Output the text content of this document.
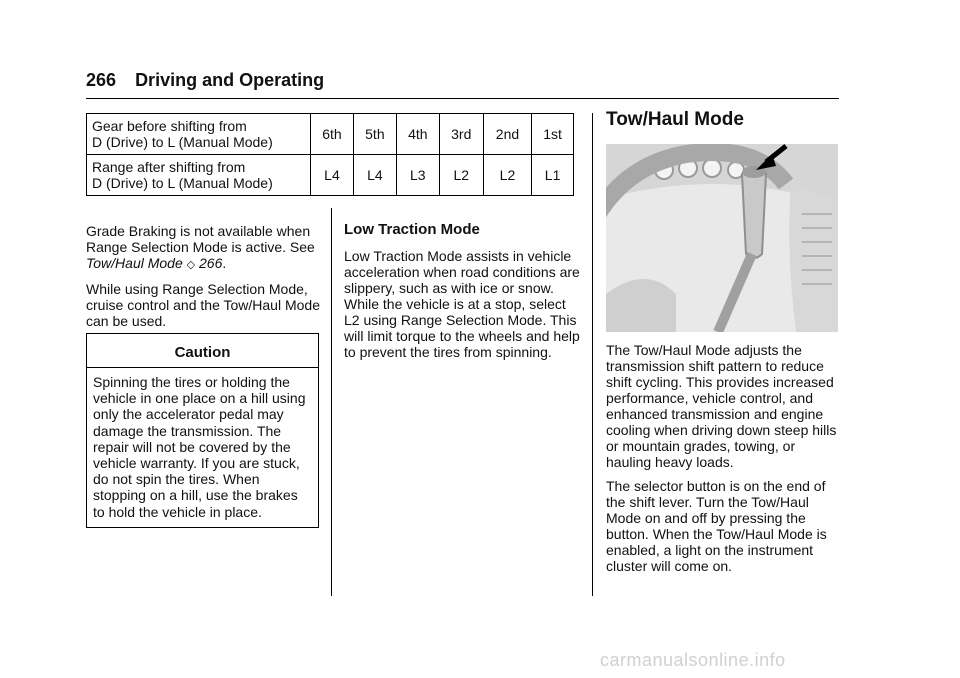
266 Driving and Operating
Gear before shifting from
D (Drive) to L (Manual Mode)	6th	5th	4th	3rd	2nd	1st

Range after shifting from
D (Drive) to L (Manual Mode)	L4	L4	L3	L2	L2	L1

Grade Braking is not available when Range Selection Mode is active. See Tow/Haul Mode ◇ 266.

While using Range Selection Mode, cruise control and the Tow/Haul Mode can be used.

Caution
Spinning the tires or holding the vehicle in one place on a hill using only the accelerator pedal may damage the transmission. The repair will not be covered by the vehicle warranty. If you are stuck, do not spin the tires. When stopping on a hill, use the brakes to hold the vehicle in place.
Low Traction Mode

Low Traction Mode assists in vehicle acceleration when road conditions are slippery, such as with ice or snow. While the vehicle is at a stop, select L2 using Range Selection Mode. This will limit torque to the wheels and help to prevent the tires from spinning.

Tow/Haul Mode

The Tow/Haul Mode adjusts the transmission shift pattern to reduce shift cycling. This provides increased performance, vehicle control, and enhanced transmission and engine cooling when driving down steep hills or mountain grades, towing, or hauling heavy loads.

The selector button is on the end of the shift lever. Turn the Tow/Haul Mode on and off by pressing the button. When the Tow/Haul Mode is enabled, a light on the instrument cluster will come on.

carmanualsonline.info
